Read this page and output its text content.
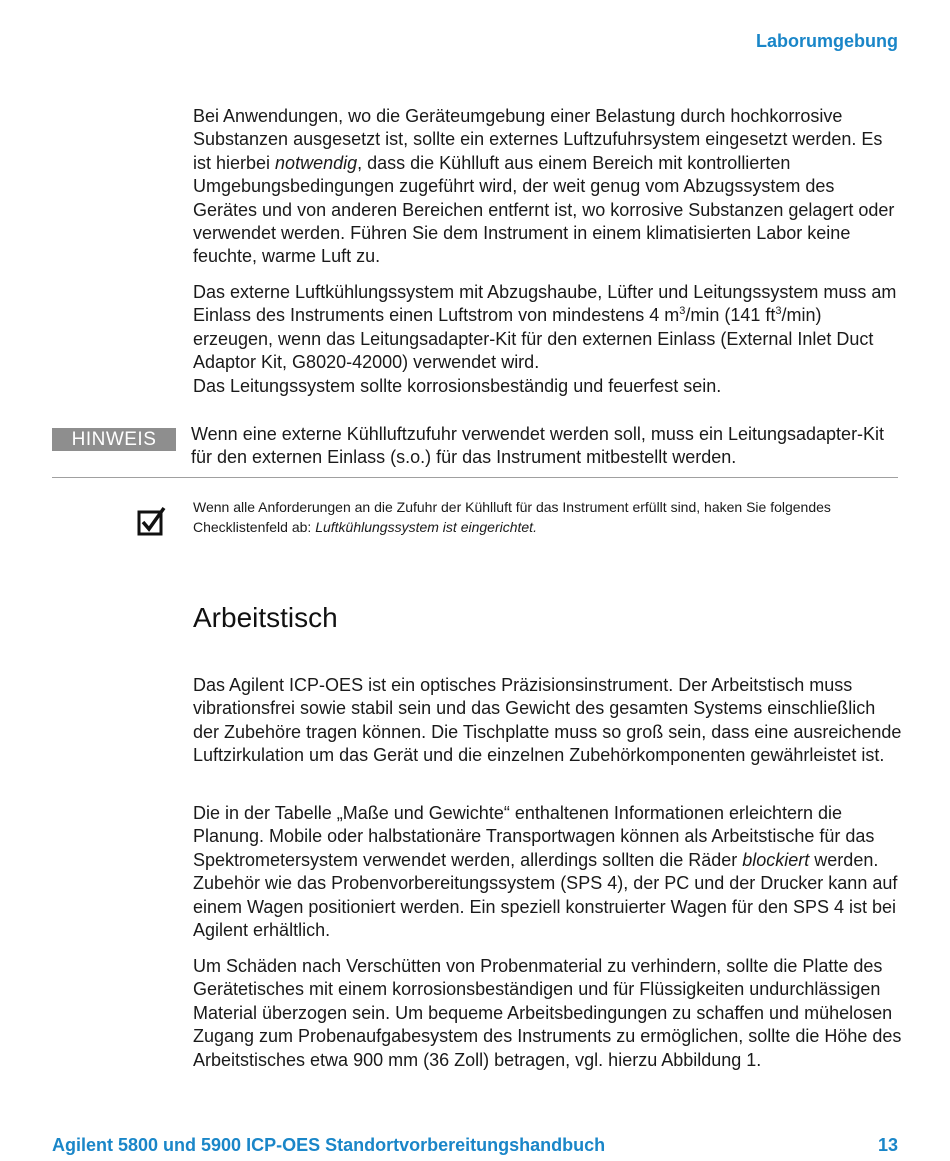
Laborumgebung

Bei Anwendungen, wo die Geräteumgebung einer Belastung durch hochkorrosive Substanzen ausgesetzt ist, sollte ein externes Luftzufuhrsystem eingesetzt werden. Es ist hierbei notwendig, dass die Kühlluft aus einem Bereich mit kontrollierten Umgebungsbedingungen zugeführt wird, der weit genug vom Abzugssystem des Gerätes und von anderen Bereichen entfernt ist, wo korrosive Substanzen gelagert oder verwendet werden. Führen Sie dem Instrument in einem klimatisierten Labor keine feuchte, warme Luft zu.

Das externe Luftkühlungssystem mit Abzugshaube, Lüfter und Leitungssystem muss am Einlass des Instruments einen Luftstrom von mindestens 4 $m^3/\min$ (141 $ft^3/\min$) erzeugen, wenn das Leitungsadapter-Kit für den externen Einlass (External Inlet Duct Adaptor Kit, G8020-42000) verwendet wird.
Das Leitungssystem sollte korrosionsbeständig und feuerfest sein.

HINWEIS	Wenn eine externe Kühlluftzufuhr verwendet werden soll, muss ein Leitungsadapter-Kit für den externen Einlass (s.o.) für das Instrument mitbestellt werden.

Wenn alle Anforderungen an die Zufuhr der Kühlluft für das Instrument erfüllt sind, haken Sie folgendes Checklistenfeld ab: Luftkühlungssystem ist eingerichtet.

Arbeitstisch

Das Agilent ICP-OES ist ein optisches Präzisionsinstrument. Der Arbeitstisch muss vibrationsfrei sowie stabil sein und das Gewicht des gesamten Systems einschließlich der Zubehöre tragen können. Die Tischplatte muss so groß sein, dass eine ausreichende Luftzirkulation um das Gerät und die einzelnen Zubehörkomponenten gewährleistet ist.

Die in der Tabelle „Maße und Gewichte“ enthaltenen Informationen erleichtern die Planung. Mobile oder halbstationäre Transportwagen können als Arbeitstische für das Spektrometersystem verwendet werden, allerdings sollten die Räder blockiert werden. Zubehör wie das Probenvorbereitungssystem (SPS 4), der PC und der Drucker kann auf einem Wagen positioniert werden. Ein speziell konstruierter Wagen für den SPS 4 ist bei Agilent erhältlich.

Um Schäden nach Verschütten von Probenmaterial zu verhindern, sollte die Platte des Gerätetisches mit einem korrosionsbeständigen und für Flüssigkeiten undurchlässigen Material überzogen sein. Um bequeme Arbeitsbedingungen zu schaffen und mühelosen Zugang zum Probenaufgabesystem des Instruments zu ermöglichen, sollte die Höhe des Arbeitstisches etwa 900 mm (36 Zoll) betragen, vgl. hierzu Abbildung 1.

Agilent 5800 und 5900 ICP-OES Standortvorbereitungshandbuch	13
